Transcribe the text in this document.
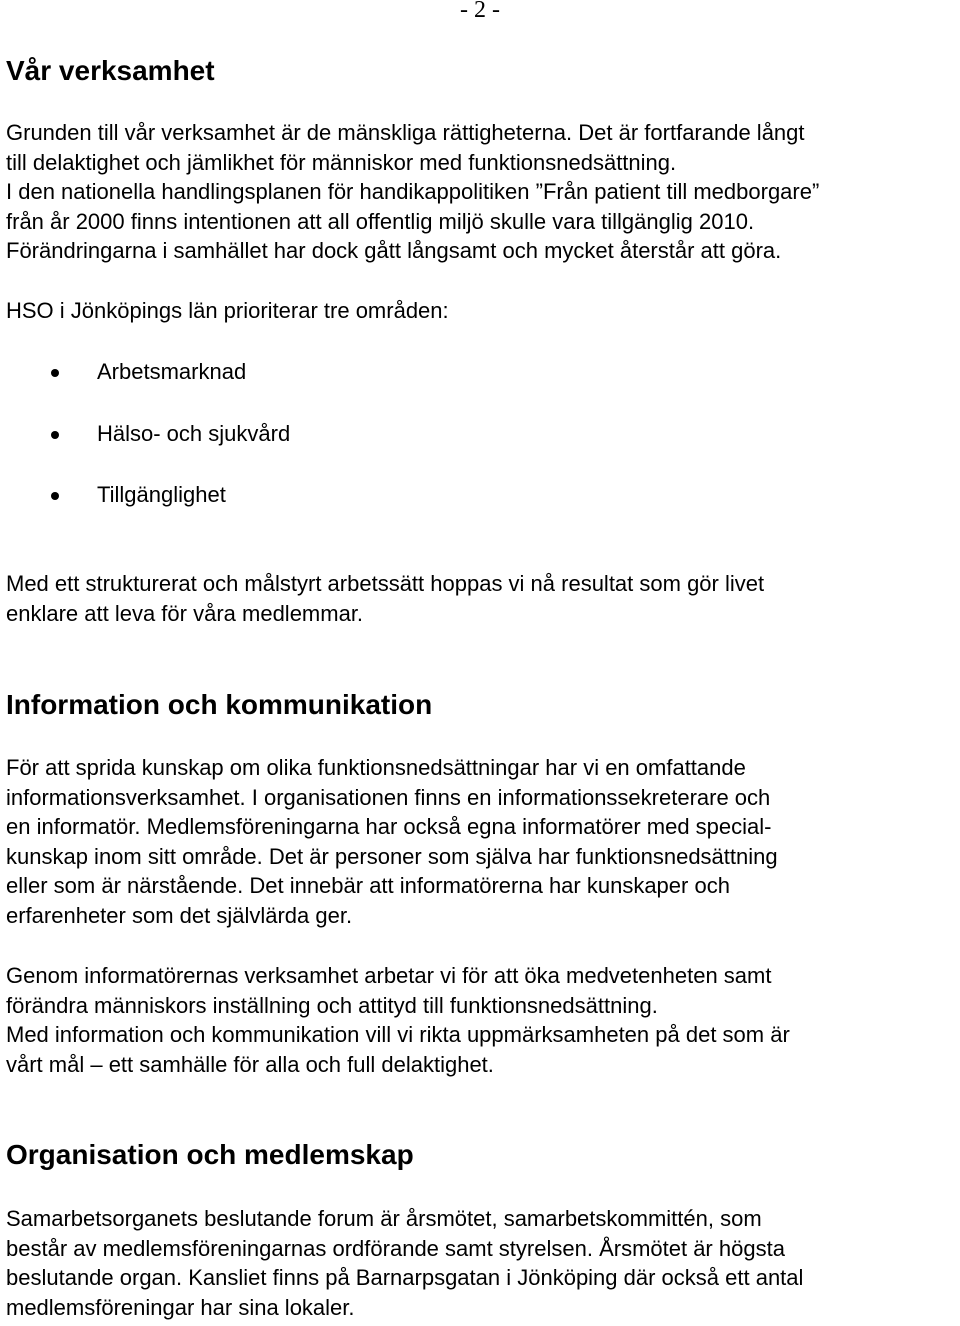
- 2 -
Vår verksamhet

Grunden till vår verksamhet är de mänskliga rättigheterna. Det är fortfarande långt
till delaktighet och jämlikhet för människor med funktionsnedsättning.
I den nationella handlingsplanen för handikappolitiken ”Från patient till medborgare”
från år 2000 finns intentionen att all offentlig miljö skulle vara tillgänglig 2010.
Förändringarna i samhället har dock gått långsamt och mycket återstår att göra.

HSO i Jönköpings län prioriterar tre områden:

Arbetsmarknad
Hälso- och sjukvård
Tillgänglighet

Med ett strukturerat och målstyrt arbetssätt hoppas vi nå resultat som gör livet
enklare att leva för våra medlemmar.

Information och kommunikation

För att sprida kunskap om olika funktionsnedsättningar har vi en omfattande
informationsverksamhet. I organisationen finns en informationssekreterare och
en informatör. Medlemsföreningarna har också egna informatörer med special-
kunskap inom sitt område. Det är personer som själva har funktionsnedsättning
eller som är närstående. Det innebär att informatörerna har kunskaper och
erfarenheter som det självlärda ger.

Genom informatörernas verksamhet arbetar vi för att öka medvetenheten samt
förändra människors inställning och attityd till funktionsnedsättning.
Med information och kommunikation vill vi rikta uppmärksamheten på det som är
vårt mål – ett samhälle för alla och full delaktighet.

Organisation och medlemskap

Samarbetsorganets beslutande forum är årsmötet, samarbetskommittén, som
består av medlemsföreningarnas ordförande samt styrelsen. Årsmötet är högsta
beslutande organ. Kansliet finns på Barnarpsgatan i Jönköping där också ett antal
medlemsföreningar har sina lokaler.
